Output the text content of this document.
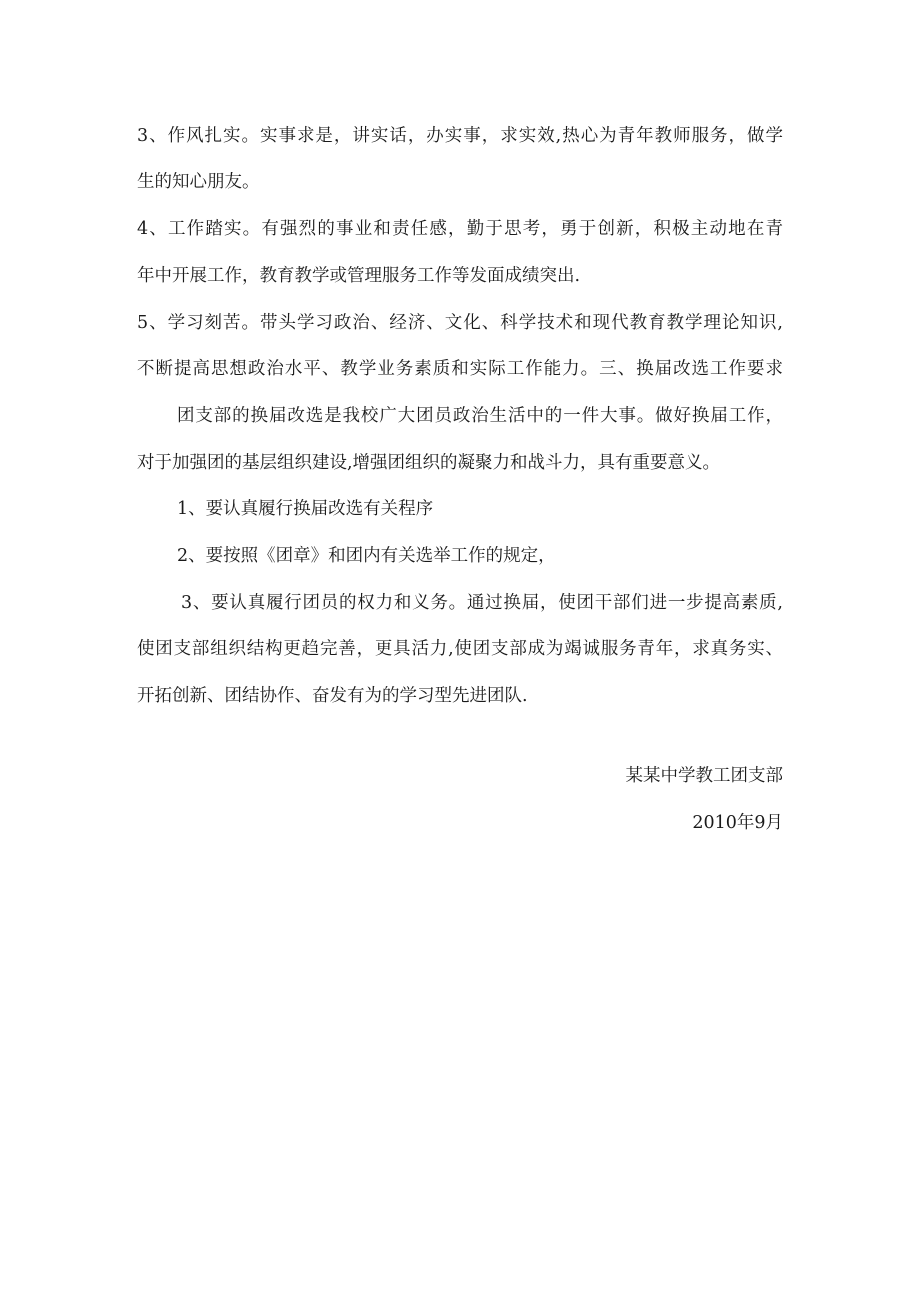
3、作风扎实。实事求是，讲实话，办实事，求实效,热心为青年教师服务，做学
生的知心朋友。
4、工作踏实。有强烈的事业和责任感，勤于思考，勇于创新，积极主动地在青
年中开展工作，教育教学或管理服务工作等发面成绩突出.
5、学习刻苦。带头学习政治、经济、文化、科学技术和现代教育教学理论知识,
不断提高思想政治水平、教学业务素质和实际工作能力。三、换届改选工作要求
团支部的换届改选是我校广大团员政治生活中的一件大事。做好换届工作，
对于加强团的基层组织建设,增强团组织的凝聚力和战斗力，具有重要意义。
1、要认真履行换届改选有关程序
2、要按照《团章》和团内有关选举工作的规定，
3、要认真履行团员的权力和义务。通过换届，使团干部们进一步提高素质,
使团支部组织结构更趋完善，更具活力,使团支部成为竭诚服务青年，求真务实、
开拓创新、团结协作、奋发有为的学习型先进团队.
某某中学教工团支部
2010年9月
